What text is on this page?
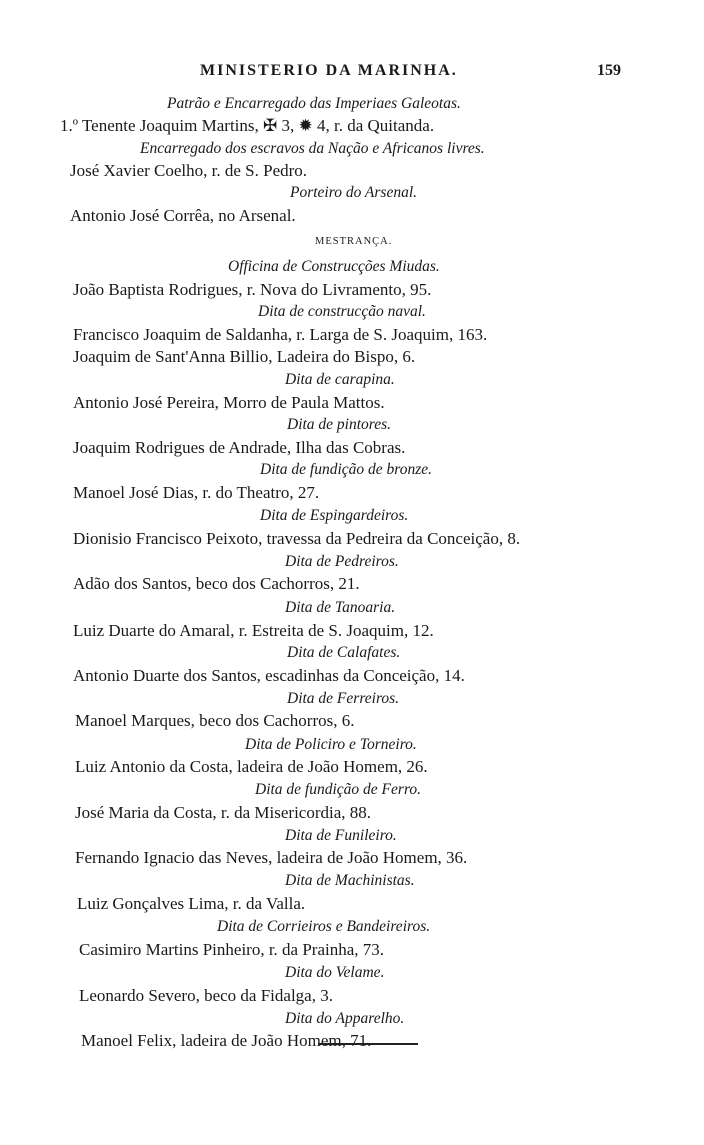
MINISTERIO DA MARINHA.	159
Patrão e Encarregado das Imperiaes Galeotas.
1.º Tenente Joaquim Martins, ✠ 3, ✹ 4, r. da Quitanda.
Encarregado dos escravos da Nação e Africanos livres.
José Xavier Coelho, r. de S. Pedro.
Porteiro do Arsenal.
Antonio José Corrêa, no Arsenal.
MESTRANÇA.
Officina de Construcções Miudas.
João Baptista Rodrigues, r. Nova do Livramento, 95.
Dita de construcção naval.
Francisco Joaquim de Saldanha, r. Larga de S. Joaquim, 163.
Joaquim de Sant'Anna Billio, Ladeira do Bispo, 6.
Dita de carapina.
Antonio José Pereira, Morro de Paula Mattos.
Dita de pintores.
Joaquim Rodrigues de Andrade, Ilha das Cobras.
Dita de fundição de bronze.
Manoel José Dias, r. do Theatro, 27.
Dita de Espingardeiros.
Dionisio Francisco Peixoto, travessa da Pedreira da Conceição, 8.
Dita de Pedreiros.
Adão dos Santos, beco dos Cachorros, 21.
Dita de Tanoaria.
Luiz Duarte do Amaral, r. Estreita de S. Joaquim, 12.
Dita de Calafates.
Antonio Duarte dos Santos, escadinhas da Conceição, 14.
Dita de Ferreiros.
Manoel Marques, beco dos Cachorros, 6.
Dita de Policiro e Torneiro.
Luiz Antonio da Costa, ladeira de João Homem, 26.
Dita de fundição de Ferro.
José Maria da Costa, r. da Misericordia, 88.
Dita de Funileiro.
Fernando Ignacio das Neves, ladeira de João Homem, 36.
Dita de Machinistas.
Luiz Gonçalves Lima, r. da Valla.
Dita de Corrieiros e Bandeireiros.
Casimiro Martins Pinheiro, r. da Prainha, 73.
Dita do Velame.
Leonardo Severo, beco da Fidalga, 3.
Dita do Apparelho.
Manoel Felix, ladeira de João Homem, 71.
